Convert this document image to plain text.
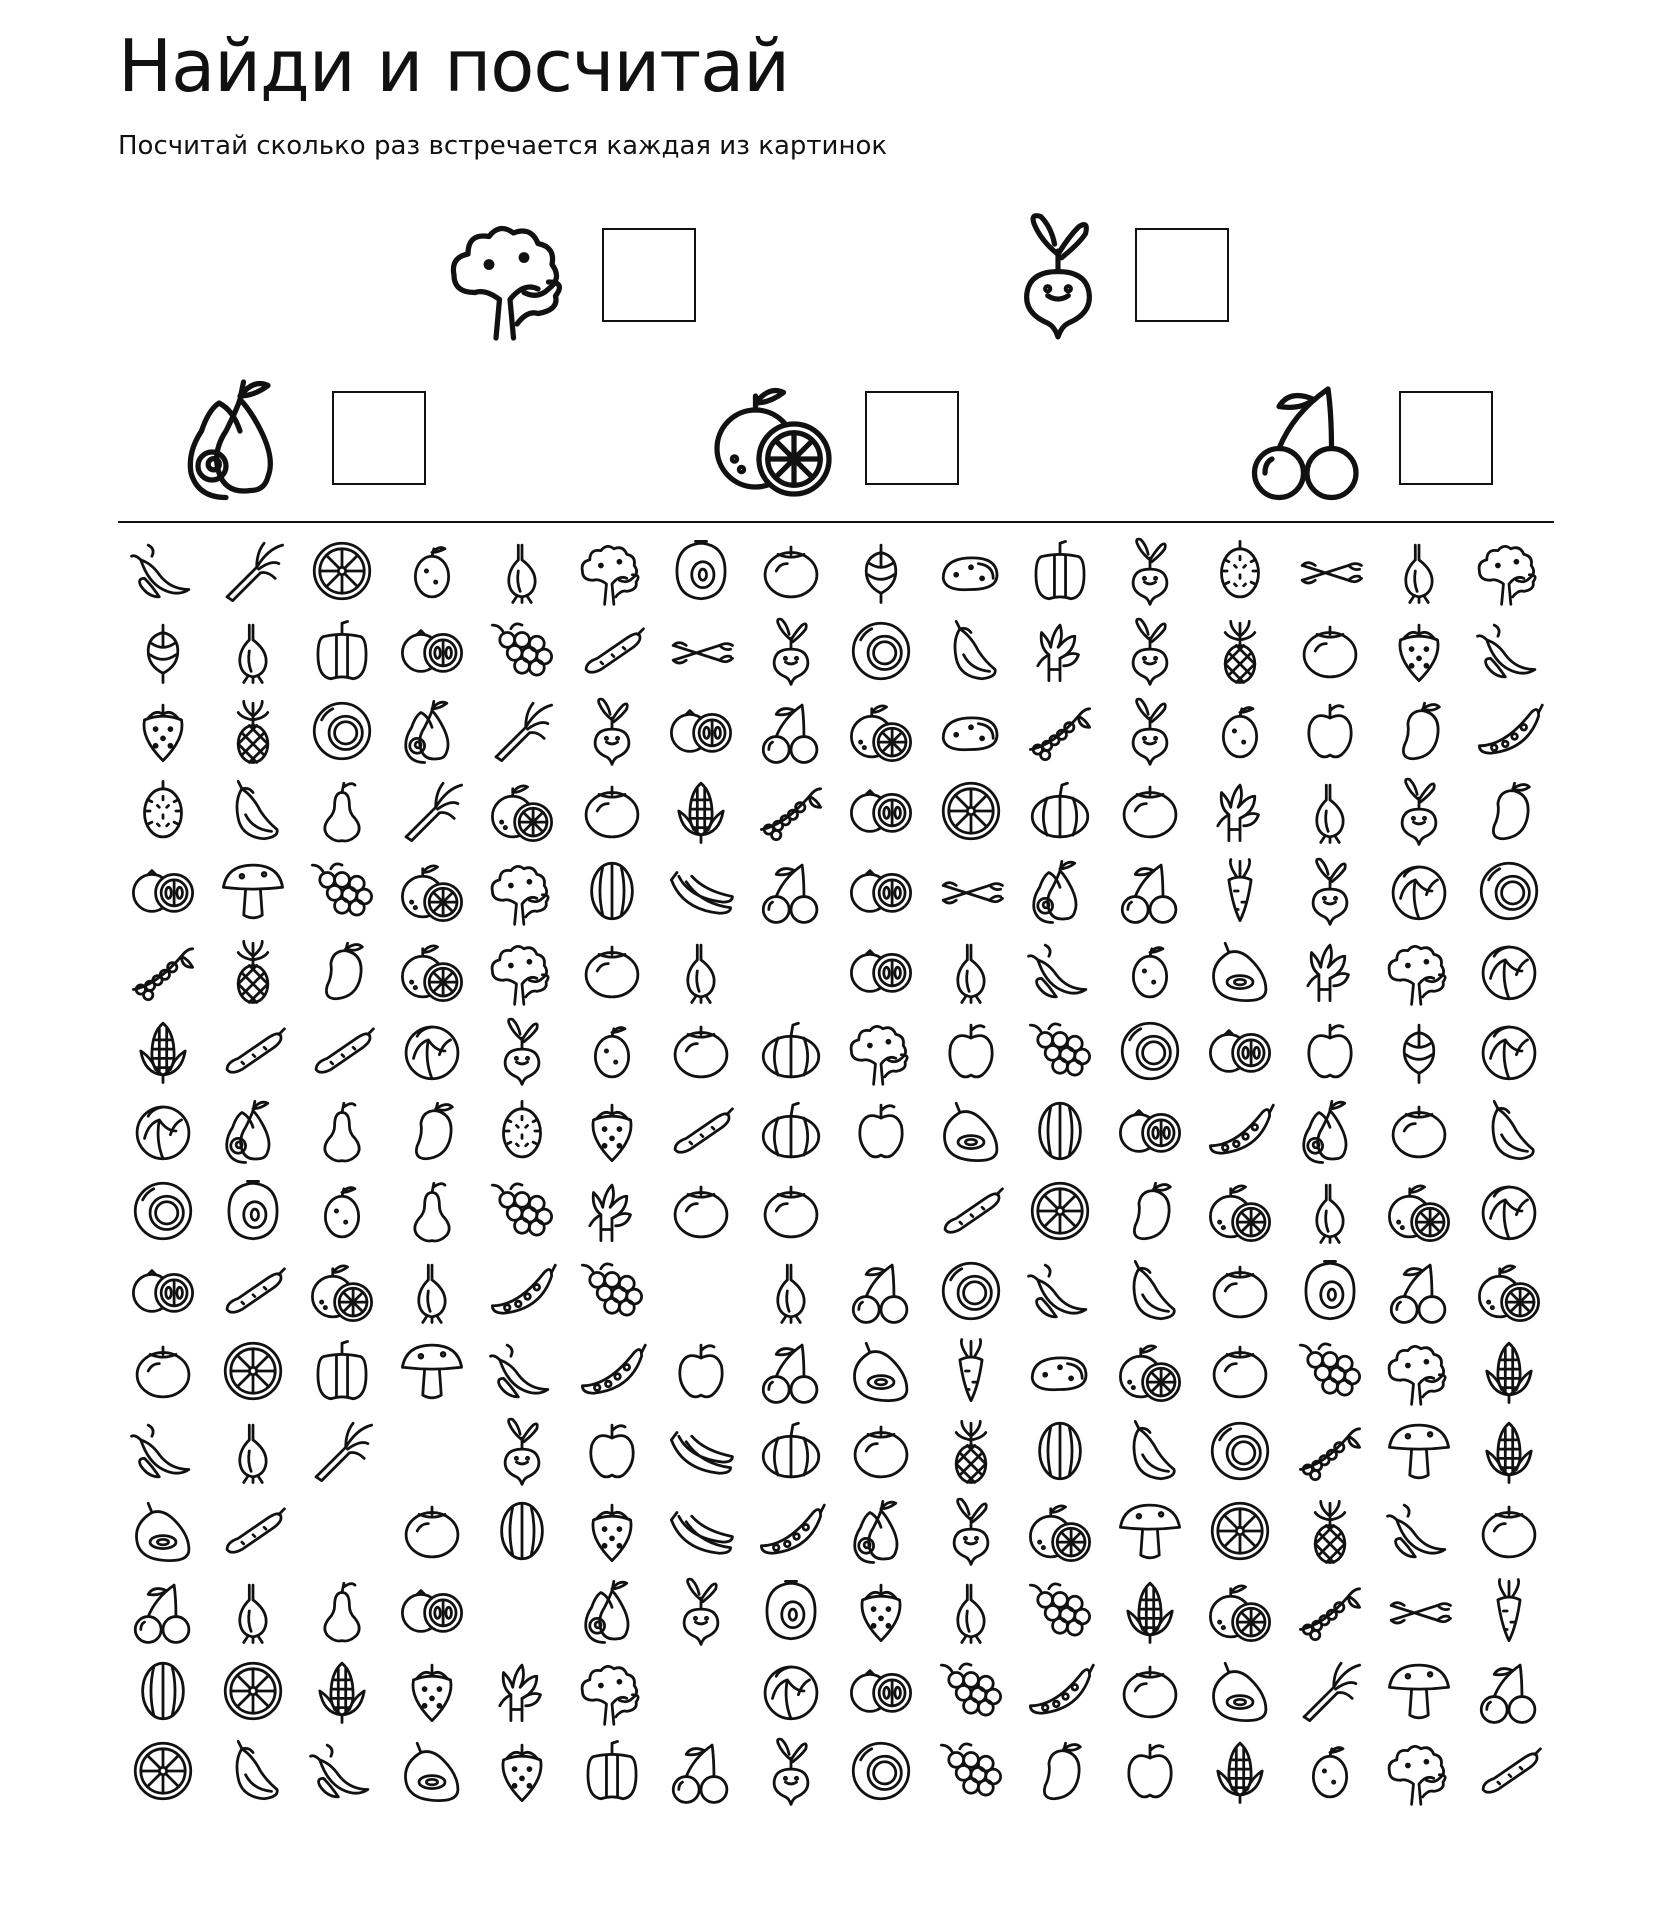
Найди и посчитай

Посчитай сколько раз встречается каждая из картинок
